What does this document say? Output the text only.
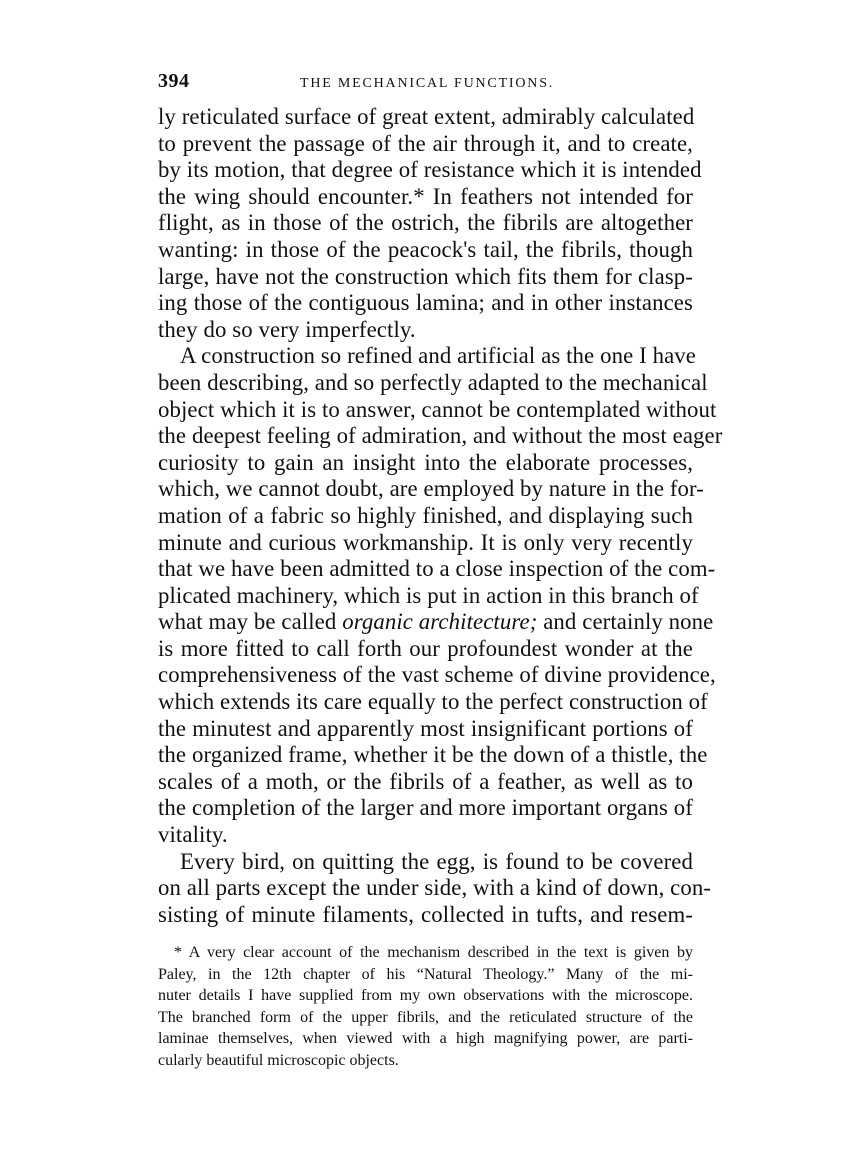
394	THE MECHANICAL FUNCTIONS.
ly reticulated surface of great extent, admirably calculated
to prevent the passage of the air through it, and to create,
by its motion, that degree of resistance which it is intended
the wing should encounter.* In feathers not intended for
flight, as in those of the ostrich, the fibrils are altogether
wanting: in those of the peacock's tail, the fibrils, though
large, have not the construction which fits them for clasp-
ing those of the contiguous lamina; and in other instances
they do so very imperfectly.
A construction so refined and artificial as the one I have
been describing, and so perfectly adapted to the mechanical
object which it is to answer, cannot be contemplated without
the deepest feeling of admiration, and without the most eager
curiosity to gain an insight into the elaborate processes,
which, we cannot doubt, are employed by nature in the for-
mation of a fabric so highly finished, and displaying such
minute and curious workmanship. It is only very recently
that we have been admitted to a close inspection of the com-
plicated machinery, which is put in action in this branch of
what may be called organic architecture; and certainly none
is more fitted to call forth our profoundest wonder at the
comprehensiveness of the vast scheme of divine providence,
which extends its care equally to the perfect construction of
the minutest and apparently most insignificant portions of
the organized frame, whether it be the down of a thistle, the
scales of a moth, or the fibrils of a feather, as well as to
the completion of the larger and more important organs of
vitality.
Every bird, on quitting the egg, is found to be covered
on all parts except the under side, with a kind of down, con-
sisting of minute filaments, collected in tufts, and resem-
* A very clear account of the mechanism described in the text is given by
Paley, in the 12th chapter of his “Natural Theology.” Many of the mi-
nuter details I have supplied from my own observations with the microscope.
The branched form of the upper fibrils, and the reticulated structure of the
laminae themselves, when viewed with a high magnifying power, are parti-
cularly beautiful microscopic objects.
